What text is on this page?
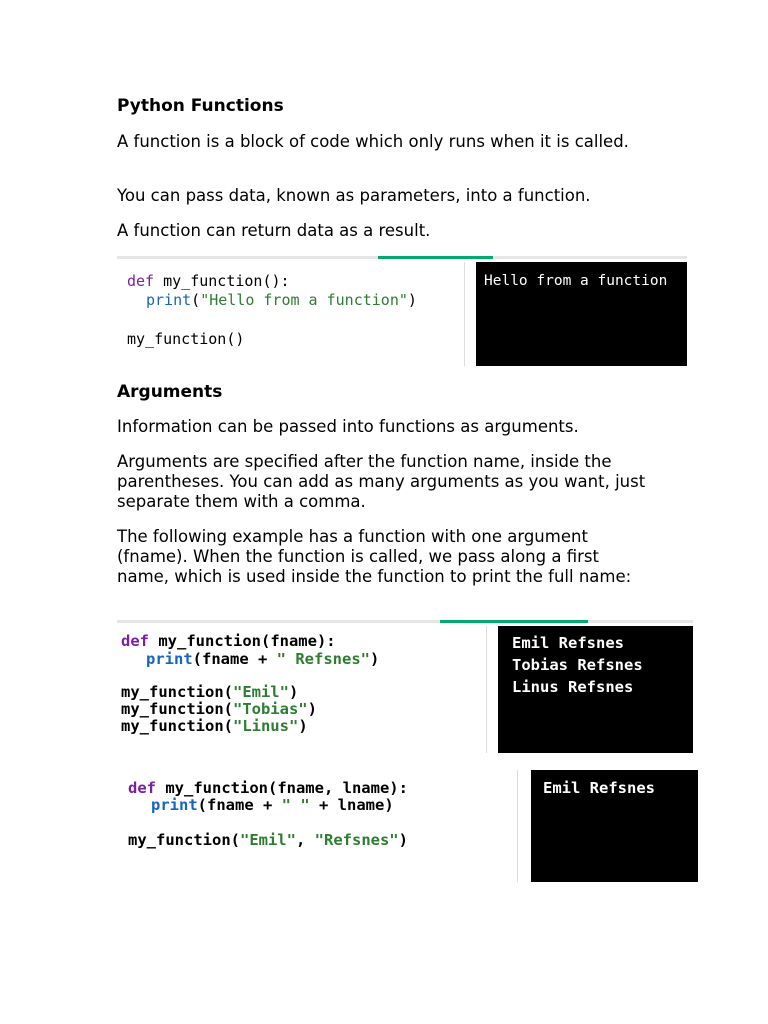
Python Functions

A function is a block of code which only runs when it is called.

You can pass data, known as parameters, into a function.

A function can return data as a result.

def my_function():

print("Hello from a function")

my_function()

Hello from a function

Arguments

Information can be passed into functions as arguments.

Arguments are specified after the function name, inside the parentheses. You can add as many arguments as you want, just separate them with a comma.

The following example has a function with one argument (fname). When the function is called, we pass along a first name, which is used inside the function to print the full name:

def my_function(fname):

print(fname + " Refsnes")

my_function("Emil")

my_function("Tobias")

my_function("Linus")

Emil Refsnes

Tobias Refsnes

Linus Refsnes

def my_function(fname, lname):

print(fname + " " + lname)

my_function("Emil", "Refsnes")

Emil Refsnes
